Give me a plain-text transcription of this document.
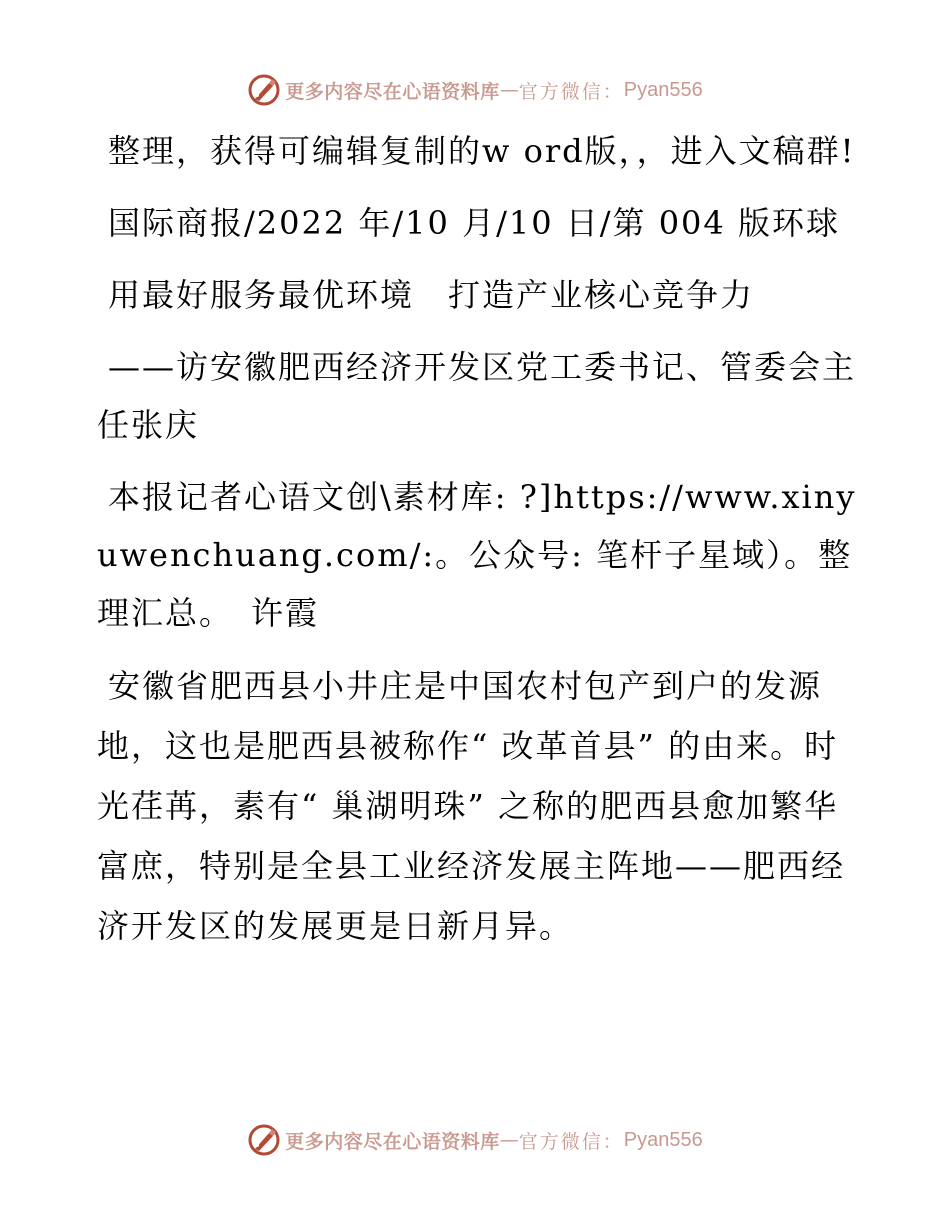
更多内容尽在心语资料库 — 官方微信： Pyan556

整理，获得可编辑复制的w ord版，，进入文稿群!

国际商报/2022 年/10 月/10 日/第 004 版环球

用最好服务最优环境　打造产业核心竞争力

——访安徽肥西经济开发区党工委书记、管委会主任张庆

本报记者心语文创\素材库: ?]https://www.xinyuwenchuang.com/:。公众号: 笔杆子星域）。整理汇总。　许霞

安徽省肥西县小井庄是中国农村包产到户的发源地，这也是肥西县被称作“ 改革首县” 的由来。时光荏苒，素有“ 巢湖明珠” 之称的肥西县愈加繁华富庶，特别是全县工业经济发展主阵地——肥西经济开发区的发展更是日新月异。

更多内容尽在心语资料库 — 官方微信： Pyan556
